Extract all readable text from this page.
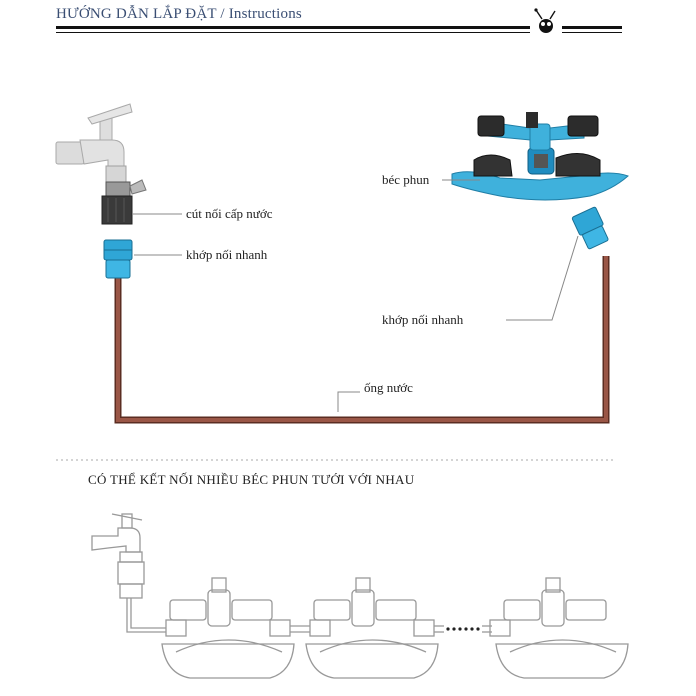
HƯỚNG DẪN LẮP ĐẶT / Instructions
cút nối cấp nước
khớp nối nhanh
béc phun
khớp nối nhanh
ống nước
CÓ THỂ KẾT NỐI NHIỀU BÉC PHUN TƯỚI VỚI NHAU
